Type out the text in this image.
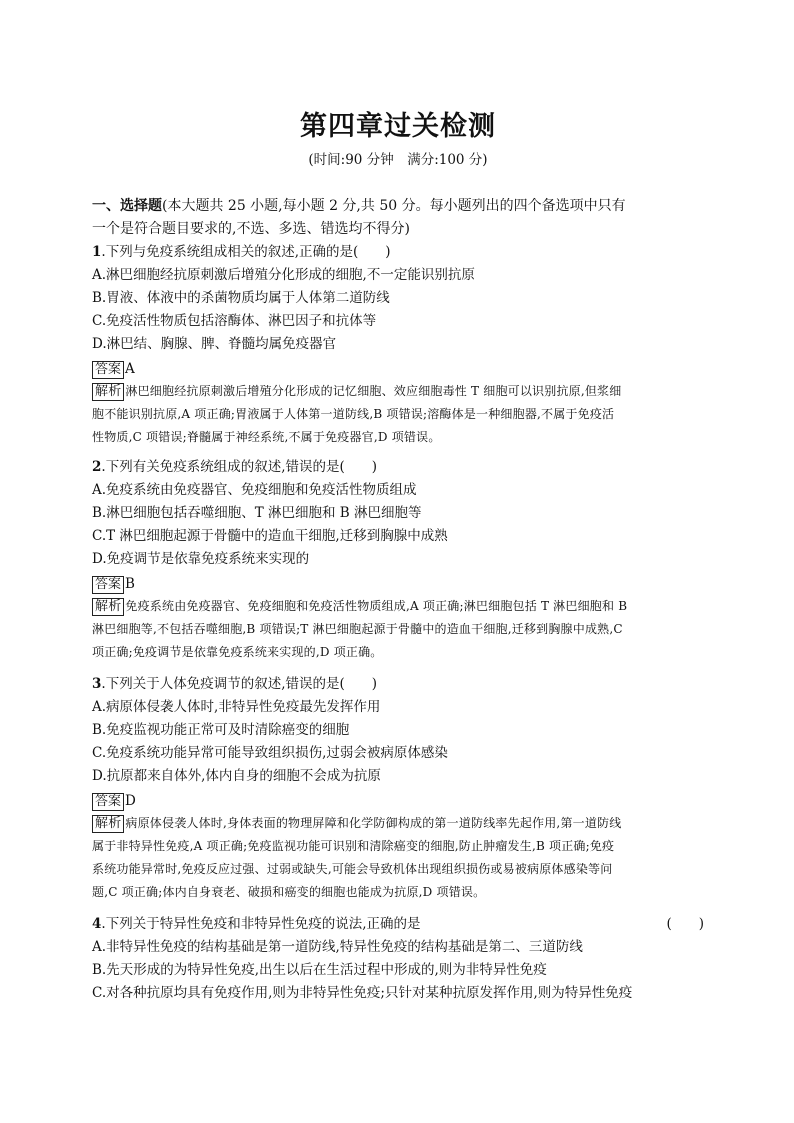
第四章过关检测
(时间:90 分钟　满分:100 分)
一、选择题(本大题共 25 小题,每小题 2 分,共 50 分。每小题列出的四个备选项中只有
一个是符合题目要求的,不选、多选、错选均不得分)
1.下列与免疫系统组成相关的叙述,正确的是(　　)
A.淋巴细胞经抗原刺激后增殖分化形成的细胞,不一定能识别抗原
B.胃液、体液中的杀菌物质均属于人体第二道防线
C.免疫活性物质包括溶酶体、淋巴因子和抗体等
D.淋巴结、胸腺、脾、脊髓均属免疫器官
答案 A
解析 淋巴细胞经抗原刺激后增殖分化形成的记忆细胞、效应细胞毒性 T 细胞可以识别抗原,但浆细
胞不能识别抗原,A 项正确;胃液属于人体第一道防线,B 项错误;溶酶体是一种细胞器,不属于免疫活
性物质,C 项错误;脊髓属于神经系统,不属于免疫器官,D 项错误。
2.下列有关免疫系统组成的叙述,错误的是(　　)
A.免疫系统由免疫器官、免疫细胞和免疫活性物质组成
B.淋巴细胞包括吞噬细胞、T 淋巴细胞和 B 淋巴细胞等
C.T 淋巴细胞起源于骨髓中的造血干细胞,迁移到胸腺中成熟
D.免疫调节是依靠免疫系统来实现的
答案 B
解析 免疫系统由免疫器官、免疫细胞和免疫活性物质组成,A 项正确;淋巴细胞包括 T 淋巴细胞和 B
淋巴细胞等,不包括吞噬细胞,B 项错误;T 淋巴细胞起源于骨髓中的造血干细胞,迁移到胸腺中成熟,C
项正确;免疫调节是依靠免疫系统来实现的,D 项正确。
3.下列关于人体免疫调节的叙述,错误的是(　　)
A.病原体侵袭人体时,非特异性免疫最先发挥作用
B.免疫监视功能正常可及时清除癌变的细胞
C.免疫系统功能异常可能导致组织损伤,过弱会被病原体感染
D.抗原都来自体外,体内自身的细胞不会成为抗原
答案 D
解析 病原体侵袭人体时,身体表面的物理屏障和化学防御构成的第一道防线率先起作用,第一道防线
属于非特异性免疫,A 项正确;免疫监视功能可识别和清除癌变的细胞,防止肿瘤发生,B 项正确;免疫
系统功能异常时,免疫反应过强、过弱或缺失,可能会导致机体出现组织损伤或易被病原体感染等问
题,C 项正确;体内自身衰老、破损和癌变的细胞也能成为抗原,D 项错误。
4.下列关于特异性免疫和非特异性免疫的说法,正确的是	(　　)
A.非特异性免疫的结构基础是第一道防线,特异性免疫的结构基础是第二、三道防线
B.先天形成的为特异性免疫,出生以后在生活过程中形成的,则为非特异性免疫
C.对各种抗原均具有免疫作用,则为非特异性免疫;只针对某种抗原发挥作用,则为特异性免疫
